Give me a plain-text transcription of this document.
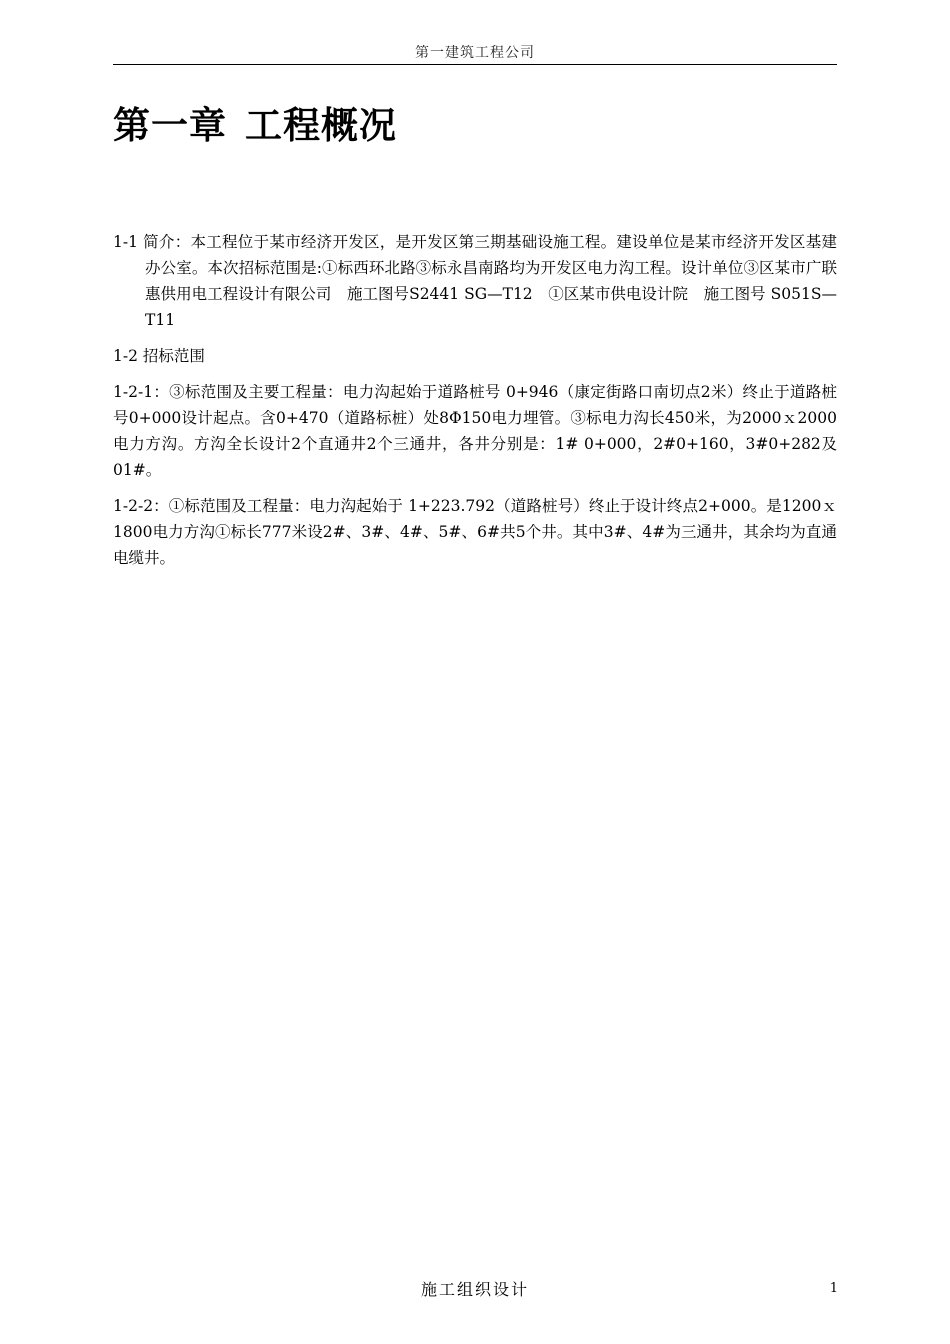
第一建筑工程公司
第一章 工程概况

1-1 简介：本工程位于某市经济开发区，是开发区第三期基础设施工程。建设单位是某市经济开发区基建办公室。本次招标范围是:①标西环北路③标永昌南路均为开发区电力沟工程。设计单位③区某市广联惠供用电工程设计有限公司　施工图号S2441 SG—T12　①区某市供电设计院　施工图号 S051S—T11

1-2 招标范围

1-2-1：③标范围及主要工程量：电力沟起始于道路桩号 0+946（康定街路口南切点2米）终止于道路桩号0+000设计起点。含0+470（道路标桩）处8Φ150电力埋管。③标电力沟长450米，为2000ｘ2000电力方沟。方沟全长设计2个直通井2个三通井，各井分别是：1# 0+000，2#0+160，3#0+282及01#。

1-2-2：①标范围及工程量：电力沟起始于 1+223.792（道路桩号）终止于设计终点2+000。是1200ｘ1800电力方沟①标长777米设2#、3#、4#、5#、6#共5个井。其中3#、4#为三通井，其余均为直通电缆井。

施工组织设计	1
